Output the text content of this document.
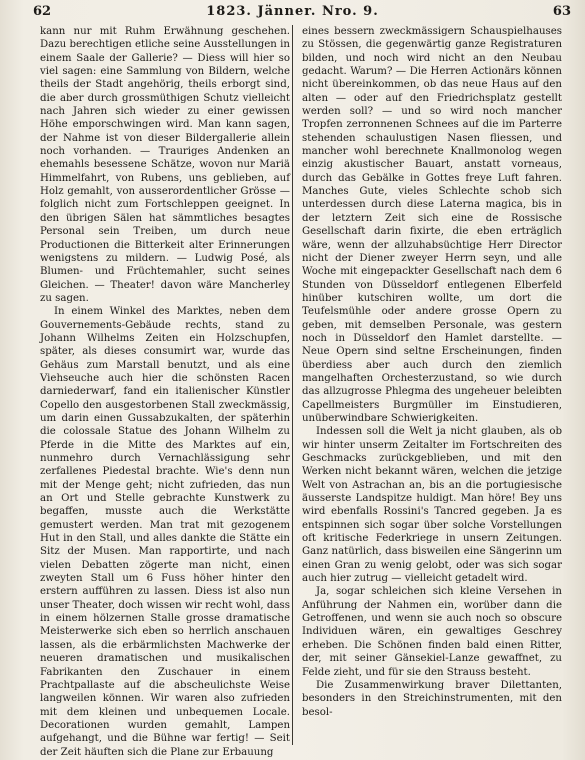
62	1823. Jänner. Nro. 9.	63

kann nur mit Ruhm Erwähnung geschehen. Dazu berechtigen etliche seine Ausstellungen in einem Saale der Gallerie? — Diess will hier so viel sagen: eine Sammlung von Bildern, welche theils der Stadt angehörig, theils erborgt sind, die aber durch grossmüthigen Schutz vielleicht nach Jahren sich wieder zu einer gewissen Höhe emporschwingen wird. Man kann sagen, der Nahme ist von dieser Bildergallerie allein noch vorhanden. — Trauriges Andenken an ehemahls besessene Schätze, wovon nur Mariä Himmelfahrt, von Rubens, uns geblieben, auf Holz gemahlt, von ausserordentlicher Grösse — folglich nicht zum Fortschleppen geeignet. In den übrigen Sälen hat sämmtliches besagtes Personal sein Treiben, um durch neue Productionen die Bitterkeit alter Erinnerungen wenigstens zu mildern. — Ludwig Posé, als Blumen- und Früchtemahler, sucht seines Gleichen. — Theater! davon wäre Mancherley zu sagen.

In einem Winkel des Marktes, neben dem Gouvernements-Gebäude rechts, stand zu Johann Wilhelms Zeiten ein Holzschupfen, später, als dieses consumirt war, wurde das Gehäus zum Marstall benutzt, und als eine Viehseuche auch hier die schönsten Racen darniederwarf, fand ein italienischer Künstler Copello den ausgestorbenen Stall zweckmässig, um darin einen Gussabzukalten, der späterhin die colossale Statue des Johann Wilhelm zu Pferde in die Mitte des Marktes auf ein, nunmehro durch Vernachlässigung sehr zerfallenes Piedestal brachte. Wie's denn nun mit der Menge geht; nicht zufrieden, das nun an Ort und Stelle gebrachte Kunstwerk zu begaffen, musste auch die Werkstätte gemustert werden. Man trat mit gezogenem Hut in den Stall, und alles dankte die Stätte ein Sitz der Musen. Man rapportirte, und nach vielen Debatten zögerte man nicht, einen zweyten Stall um 6 Fuss höher hinter den erstern aufführen zu lassen. Diess ist also nun unser Theater, doch wissen wir recht wohl, dass in einem hölzernen Stalle grosse dramatische Meisterwerke sich eben so herrlich anschauen lassen, als die erbärmlichsten Machwerke der neueren dramatischen und musikalischen Fabrikanten den Zuschauer in einem Prachtpallaste auf die abscheulichste Weise langweilen können. Wir waren also zufrieden mit dem kleinen und unbequemen Locale. Decorationen wurden gemahlt, Lampen aufgehangt, und die Bühne war fertig! — Seit der Zeit häuften sich die Plane zur Erbauung

eines bessern zweckmässigern Schauspielhauses zu Stössen, die gegenwärtig ganze Registraturen bilden, und noch wird nicht an den Neubau gedacht. Warum? — Die Herren Actionärs können nicht übereinkommen, ob das neue Haus auf den alten — oder auf den Friedrichsplatz gestellt werden soll? — und so wird noch mancher Tropfen zerronnenen Schnees auf die im Parterre stehenden schaulustigen Nasen fliessen, und mancher wohl berechnete Knallmonolog wegen einzig akustischer Bauart, anstatt vorneaus, durch das Gebälke in Gottes freye Luft fahren. Manches Gute, vieles Schlechte schob sich unterdessen durch diese Laterna magica, bis in der letztern Zeit sich eine de Rossische Gesellschaft darin fixirte, die eben erträglich wäre, wenn der allzuhabsüchtige Herr Director nicht der Diener zweyer Herrn seyn, und alle Woche mit eingepackter Gesellschaft nach dem 6 Stunden von Düsseldorf entlegenen Elberfeld hinüber kutschiren wollte, um dort die Teufelsmühle oder andere grosse Opern zu geben, mit demselben Personale, was gestern noch in Düsseldorf den Hamlet darstellte. — Neue Opern sind seltne Erscheinungen, finden überdiess aber auch durch den ziemlich mangelhaften Orchesterzustand, so wie durch das allzugrosse Phlegma des ungeheuer beleibten Capellmeisters Burgmüller im Einstudieren, unüberwindbare Schwierigkeiten.

Indessen soll die Welt ja nicht glauben, als ob wir hinter unserm Zeitalter im Fortschreiten des Geschmacks zurückgeblieben, und mit den Werken nicht bekannt wären, welchen die jetzige Welt von Astrachan an, bis an die portugiesische äusserste Landspitze huldigt. Man höre! Bey uns wird ebenfalls Rossini's Tancred gegeben. Ja es entspinnen sich sogar über solche Vorstellungen oft kritische Federkriege in unsern Zeitungen. Ganz natürlich, dass bisweilen eine Sängerinn um einen Gran zu wenig gelobt, oder was sich sogar auch hier zutrug — vielleicht getadelt wird.

Ja, sogar schleichen sich kleine Versehen in Anführung der Nahmen ein, worüber dann die Getroffenen, und wenn sie auch noch so obscure Individuen wären, ein gewaltiges Geschrey erheben. Die Schönen finden bald einen Ritter, der, mit seiner Gänsekiel-Lanze gewaffnet, zu Felde zieht, und für sie den Strauss besteht.

Die Zusammenwirkung braver Dilettanten, besonders in den Streichinstrumenten, mit den besol-
